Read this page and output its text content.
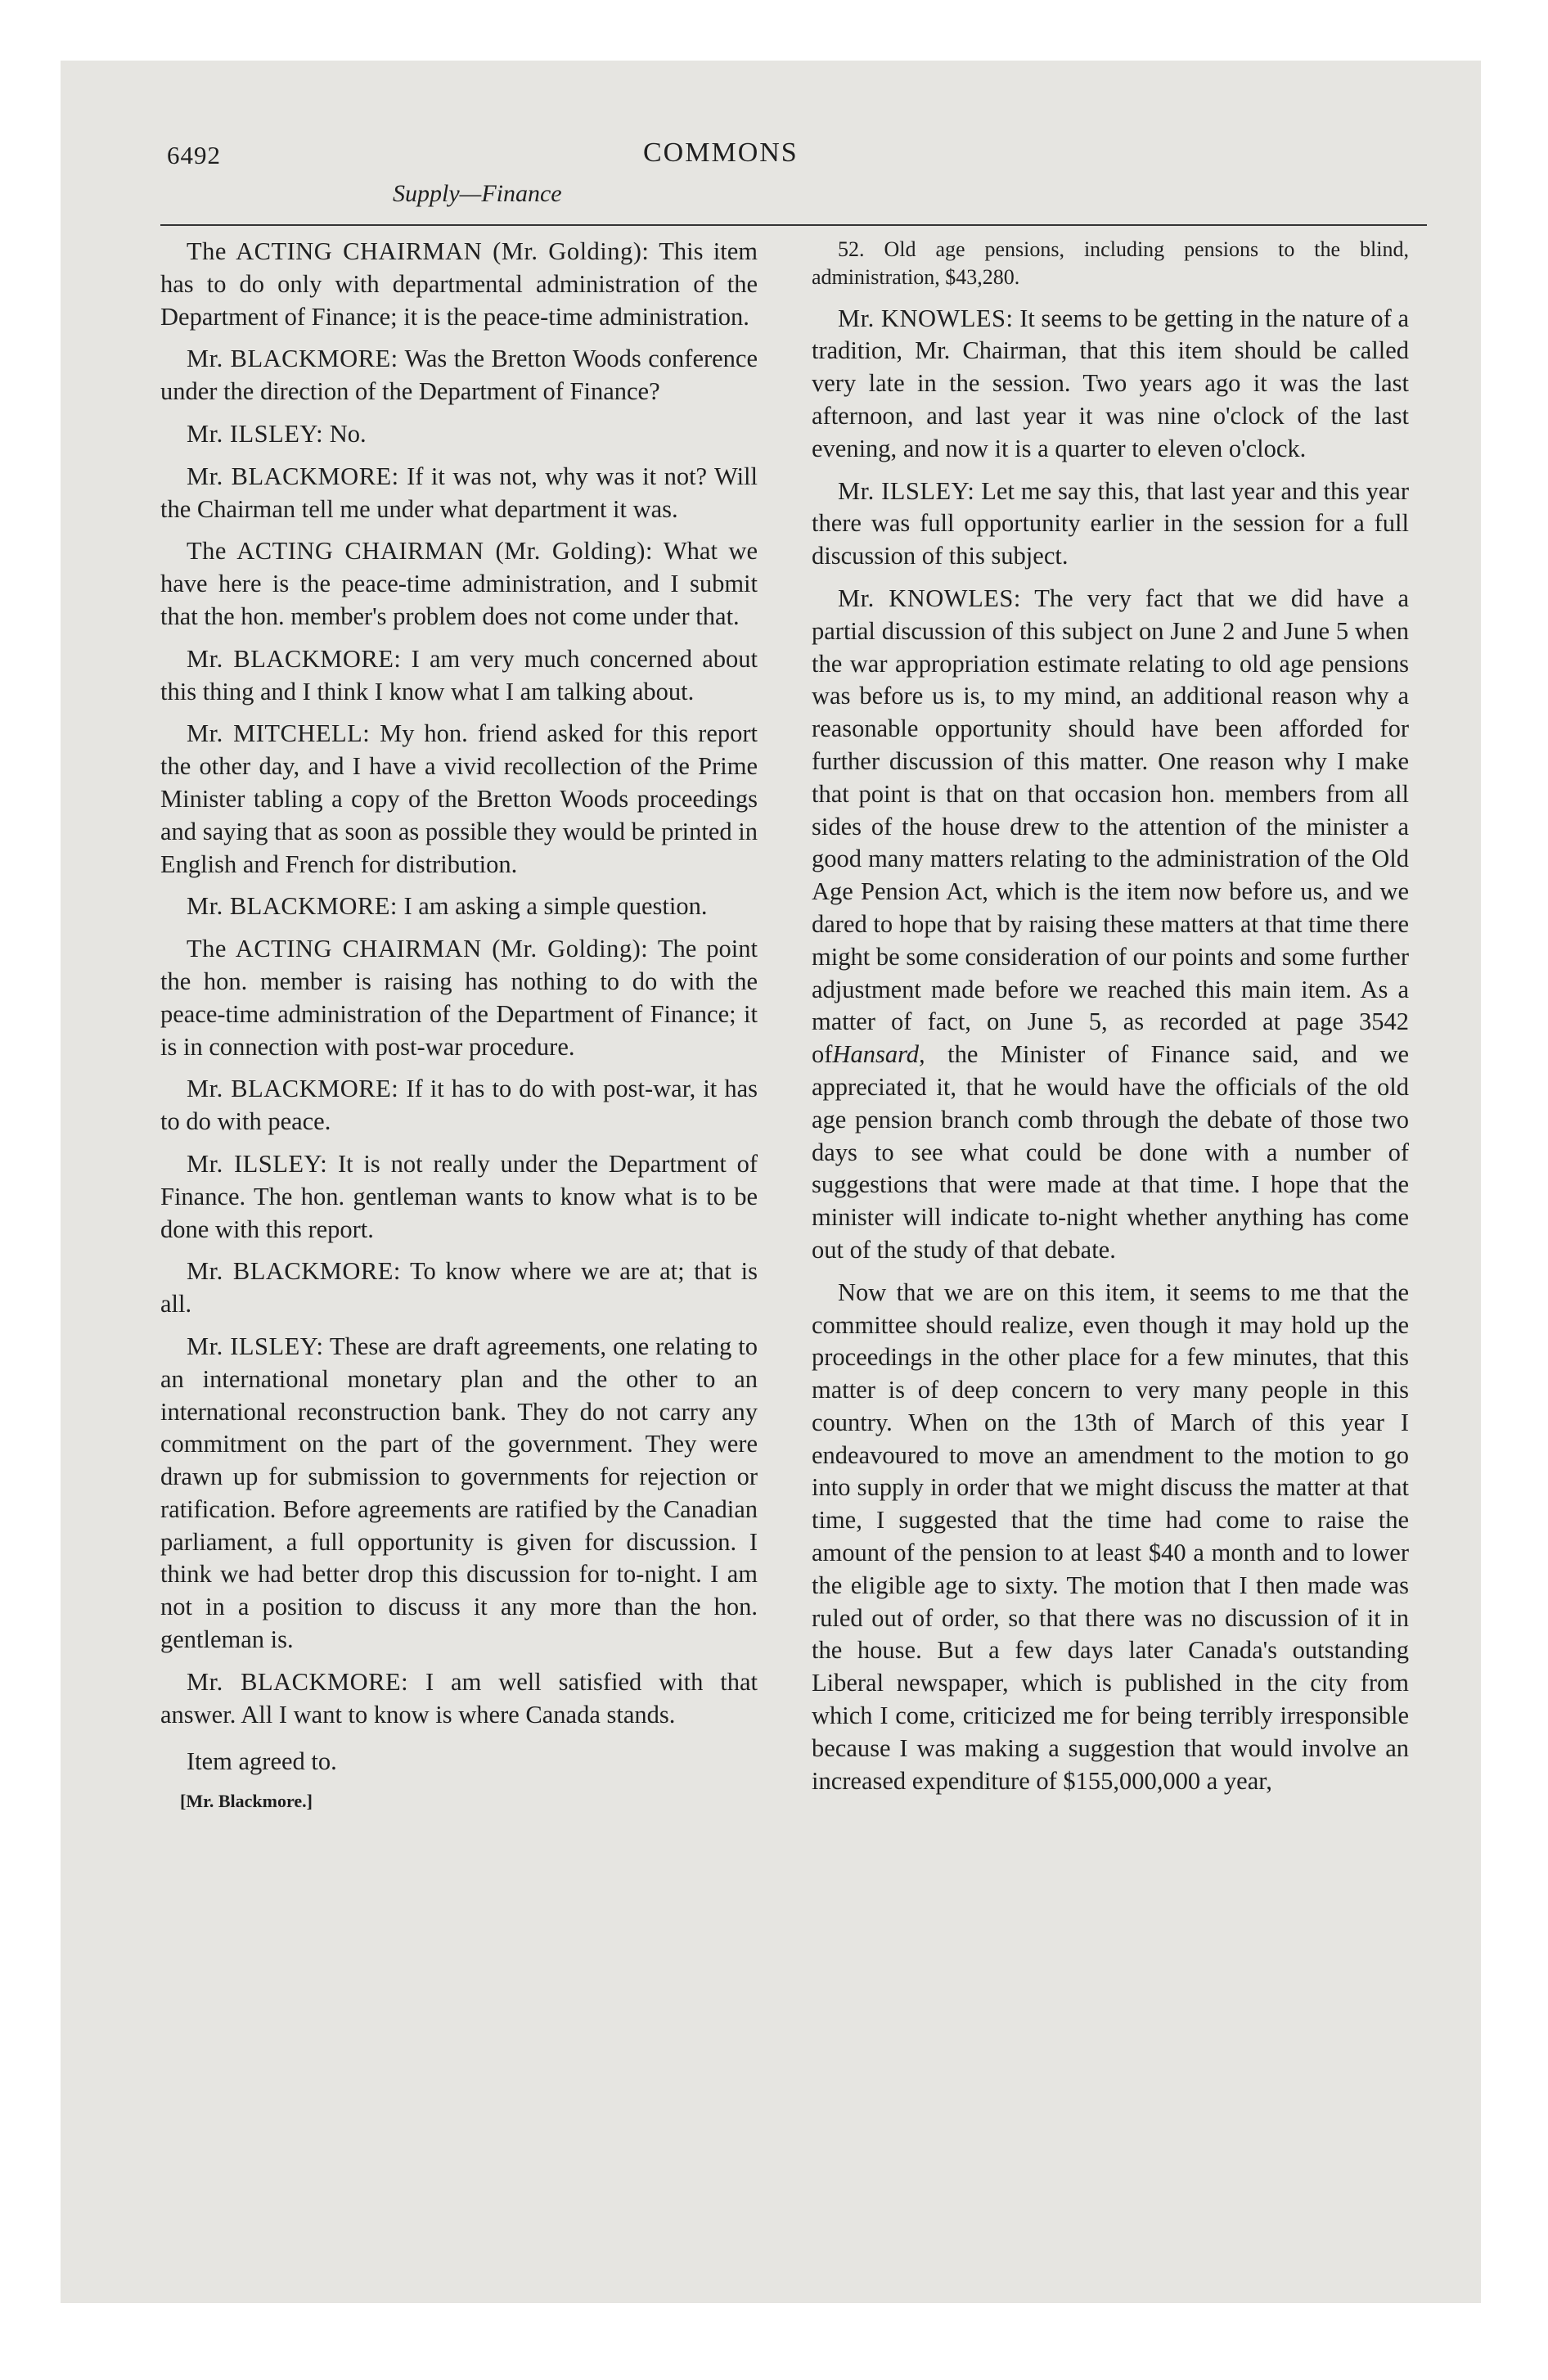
6492	COMMONS
Supply—Finance

The ACTING CHAIRMAN (Mr. Golding): This item has to do only with departmental administration of the Department of Finance; it is the peace-time administration.

Mr. BLACKMORE: Was the Bretton Woods conference under the direction of the Department of Finance?

Mr. ILSLEY: No.

Mr. BLACKMORE: If it was not, why was it not? Will the Chairman tell me under what department it was.

The ACTING CHAIRMAN (Mr. Golding): What we have here is the peace-time administration, and I submit that the hon. member's problem does not come under that.

Mr. BLACKMORE: I am very much concerned about this thing and I think I know what I am talking about.

Mr. MITCHELL: My hon. friend asked for this report the other day, and I have a vivid recollection of the Prime Minister tabling a copy of the Bretton Woods proceedings and saying that as soon as possible they would be printed in English and French for distribution.

Mr. BLACKMORE: I am asking a simple question.

The ACTING CHAIRMAN (Mr. Golding): The point the hon. member is raising has nothing to do with the peace-time administration of the Department of Finance; it is in connection with post-war procedure.

Mr. BLACKMORE: If it has to do with post-war, it has to do with peace.

Mr. ILSLEY: It is not really under the Department of Finance. The hon. gentleman wants to know what is to be done with this report.

Mr. BLACKMORE: To know where we are at; that is all.

Mr. ILSLEY: These are draft agreements, one relating to an international monetary plan and the other to an international reconstruction bank. They do not carry any commitment on the part of the government. They were drawn up for submission to governments for rejection or ratification. Before agreements are ratified by the Canadian parliament, a full opportunity is given for discussion. I think we had better drop this discussion for to-night. I am not in a position to discuss it any more than the hon. gentleman is.

Mr. BLACKMORE: I am well satisfied with that answer. All I want to know is where Canada stands.

Item agreed to.

[Mr. Blackmore.]

52. Old age pensions, including pensions to the blind, administration, $43,280.

Mr. KNOWLES: It seems to be getting in the nature of a tradition, Mr. Chairman, that this item should be called very late in the session. Two years ago it was the last afternoon, and last year it was nine o'clock of the last evening, and now it is a quarter to eleven o'clock.

Mr. ILSLEY: Let me say this, that last year and this year there was full opportunity earlier in the session for a full discussion of this subject.

Mr. KNOWLES: The very fact that we did have a partial discussion of this subject on June 2 and June 5 when the war appropriation estimate relating to old age pensions was before us is, to my mind, an additional reason why a reasonable opportunity should have been afforded for further discussion of this matter. One reason why I make that point is that on that occasion hon. members from all sides of the house drew to the attention of the minister a good many matters relating to the administration of the Old Age Pension Act, which is the item now before us, and we dared to hope that by raising these matters at that time there might be some consideration of our points and some further adjustment made before we reached this main item. As a matter of fact, on June 5, as recorded at page 3542 ofHansard, the Minister of Finance said, and we appreciated it, that he would have the officials of the old age pension branch comb through the debate of those two days to see what could be done with a number of suggestions that were made at that time. I hope that the minister will indicate to-night whether anything has come out of the study of that debate.

Now that we are on this item, it seems to me that the committee should realize, even though it may hold up the proceedings in the other place for a few minutes, that this matter is of deep concern to very many people in this country. When on the 13th of March of this year I endeavoured to move an amendment to the motion to go into supply in order that we might discuss the matter at that time, I suggested that the time had come to raise the amount of the pension to at least $40 a month and to lower the eligible age to sixty. The motion that I then made was ruled out of order, so that there was no discussion of it in the house. But a few days later Canada's outstanding Liberal newspaper, which is published in the city from which I come, criticized me for being terribly irresponsible because I was making a suggestion that would involve an increased expenditure of $155,000,000 a year,
